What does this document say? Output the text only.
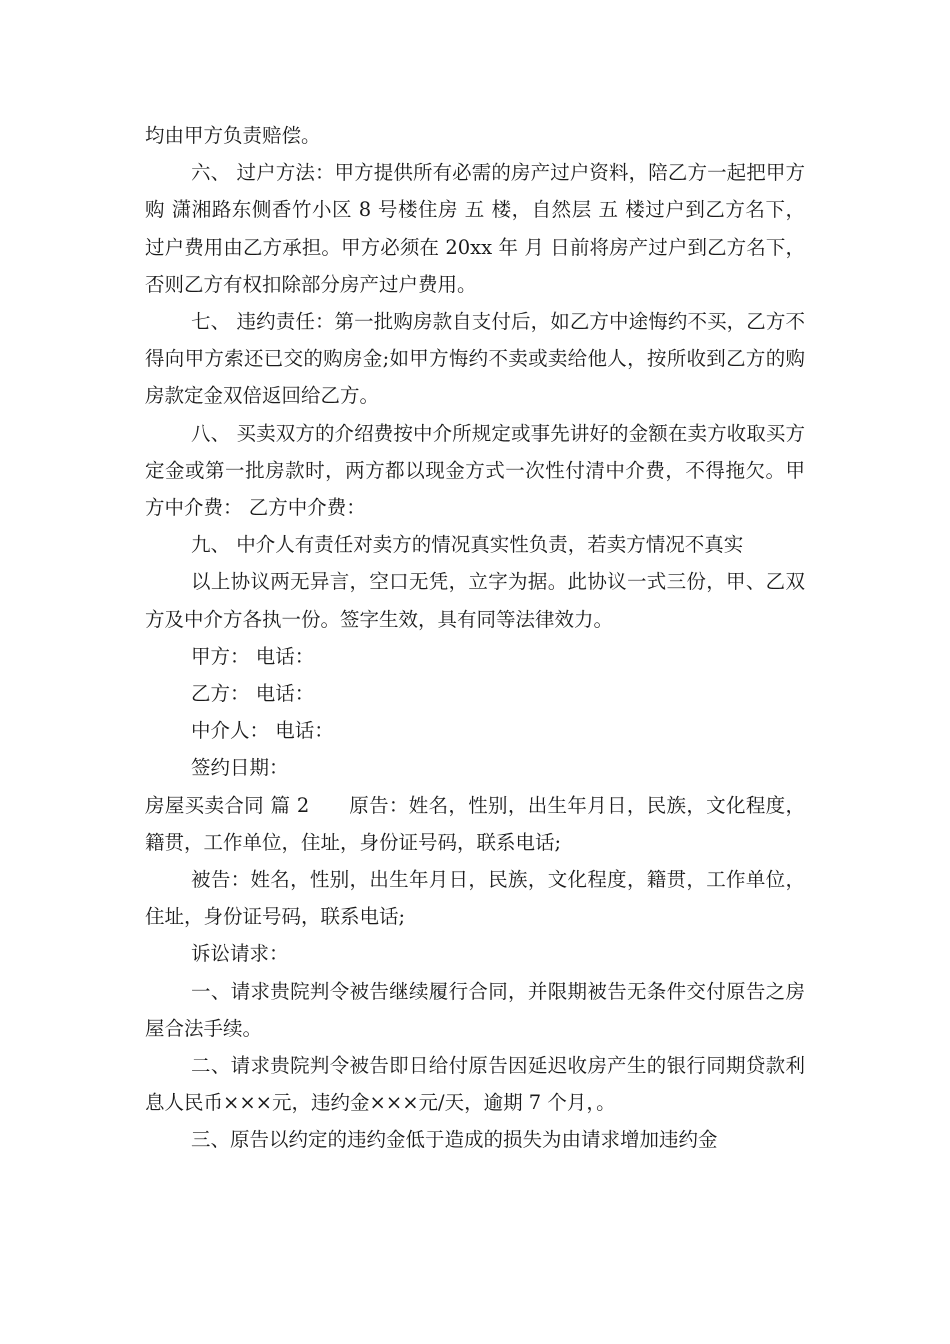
均由甲方负责赔偿。

六、 过户方法：甲方提供所有必需的房产过户资料，陪乙方一起把甲方购 潇湘路东侧香竹小区 8 号楼住房 五 楼，自然层 五 楼过户到乙方名下，过户费用由乙方承担。甲方必须在 20xx 年 月 日前将房产过户到乙方名下，否则乙方有权扣除部分房产过户费用。

七、 违约责任：第一批购房款自支付后，如乙方中途悔约不买，乙方不得向甲方索还已交的购房金;如甲方悔约不卖或卖给他人，按所收到乙方的购房款定金双倍返回给乙方。

八、 买卖双方的介绍费按中介所规定或事先讲好的金额在卖方收取买方定金或第一批房款时，两方都以现金方式一次性付清中介费，不得拖欠。甲方中介费： 乙方中介费：

九、 中介人有责任对卖方的情况真实性负责，若卖方情况不真实

以上协议两无异言，空口无凭，立字为据。此协议一式三份，甲、乙双方及中介方各执一份。签字生效，具有同等法律效力。

甲方： 电话：

乙方： 电话：

中介人： 电话：

签约日期：

房屋买卖合同 篇 2　　原告：姓名，性别，出生年月日，民族，文化程度，籍贯，工作单位，住址，身份证号码，联系电话;

被告：姓名，性别，出生年月日，民族，文化程度，籍贯，工作单位，住址，身份证号码，联系电话;

诉讼请求：

一、请求贵院判令被告继续履行合同，并限期被告无条件交付原告之房屋合法手续。

二、请求贵院判令被告即日给付原告因延迟收房产生的银行同期贷款利息人民币×××元，违约金×××元/天，逾期 7 个月，。

三、原告以约定的违约金低于造成的损失为由请求增加违约金
